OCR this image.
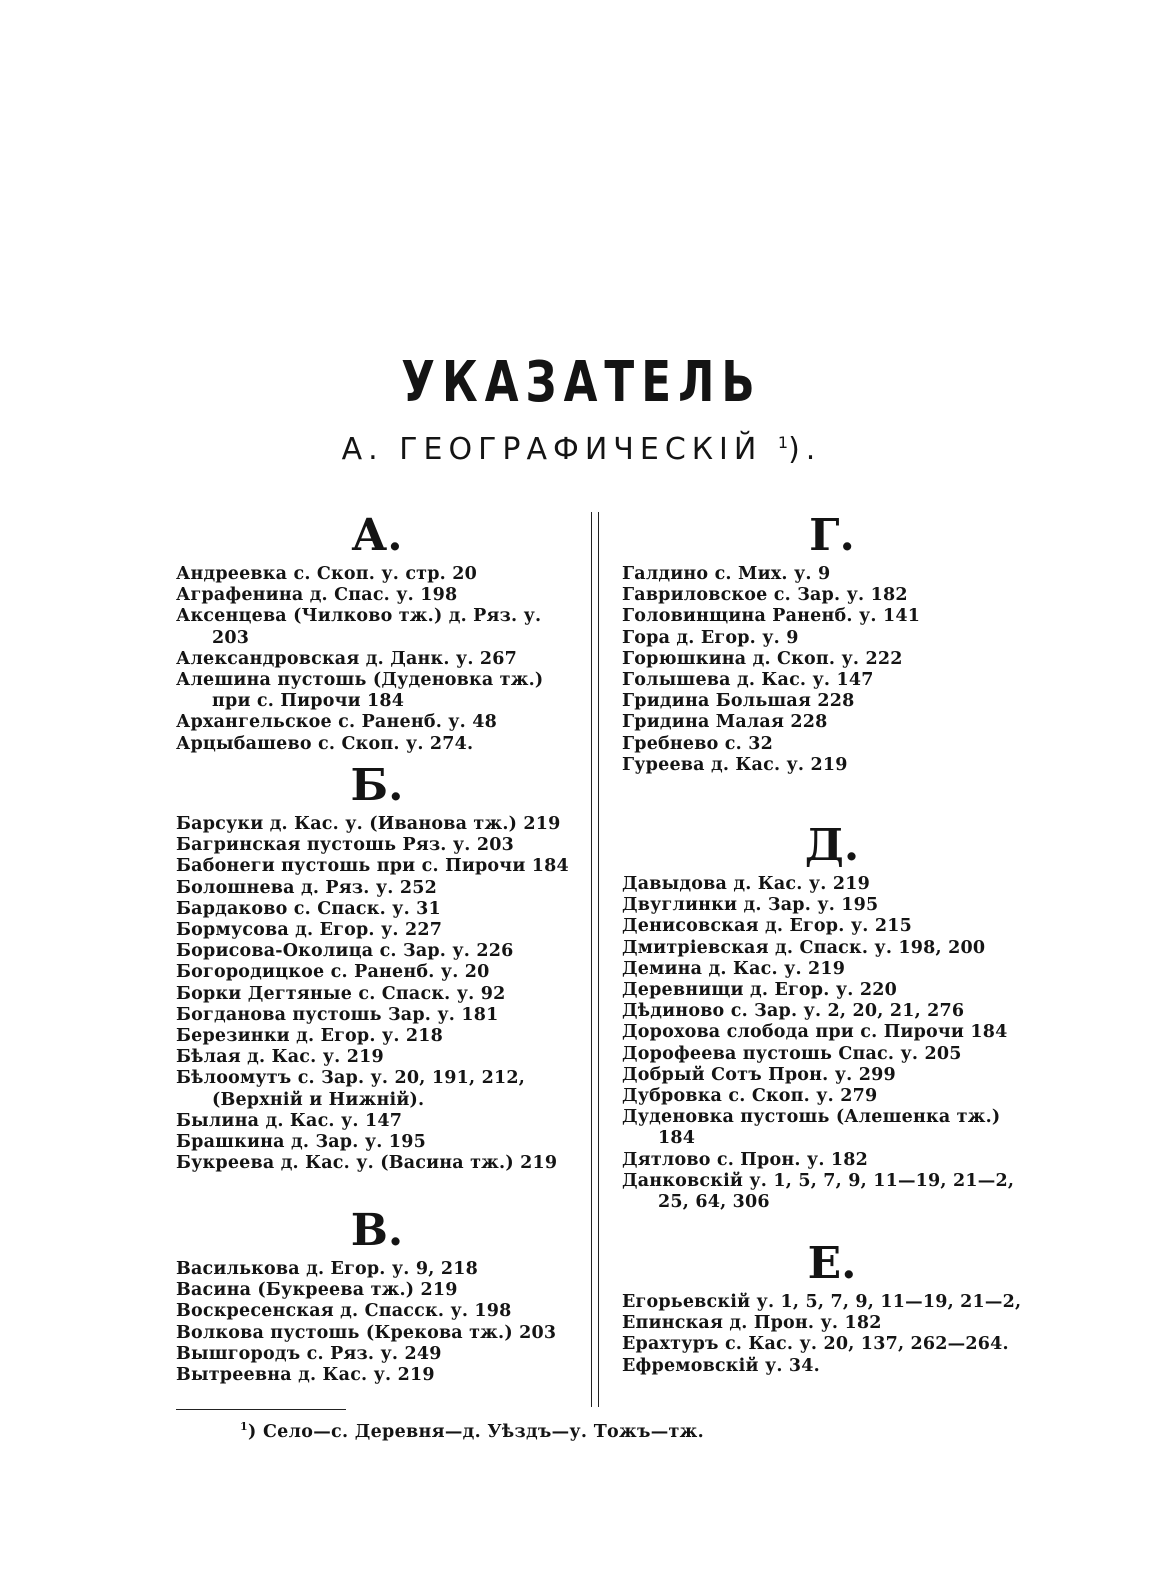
УКАЗАТЕЛЬ
А. ГЕОГРАФИЧЕСКІЙ $^1$).
А.
Андреевка с. Скоп. у. стр. 20
Аграфенина д. Спас. у. 198
Аксенцева (Чилково тж.) д. Ряз. у. 203
Александровская д. Данк. у. 267
Алешина пустошь (Дуденовка тж.) при с. Пирочи 184
Архангельское с. Раненб. у. 48
Арцыбашево с. Скоп. у. 274.
Б.
Барсуки д. Кас. у. (Иванова тж.) 219
Багринская пустошь Ряз. у. 203
Бабонеги пустошь при с. Пирочи 184
Болошнева д. Ряз. у. 252
Бардаково с. Спаск. у. 31
Бормусова д. Егор. у. 227
Борисова-Околица с. Зар. у. 226
Богородицкое с. Раненб. у. 20
Борки Дегтяные с. Спаск. у. 92
Богданова пустошь Зар. у. 181
Березинки д. Егор. у. 218
Бѣлая д. Кас. у. 219
Бѣлоомутъ с. Зар. у. 20, 191, 212, (Верхній и Нижній).
Былина д. Кас. у. 147
Брашкина д. Зар. у. 195
Букреева д. Кас. у. (Васина тж.) 219
В.
Василькова д. Егор. у. 9, 218
Васина (Букреева тж.) 219
Воскресенская д. Спасск. у. 198
Волкова пустошь (Крекова тж.) 203
Вышгородъ с. Ряз. у. 249
Вытреевна д. Кас. у. 219
Г.
Галдино с. Мих. у. 9
Гавриловское с. Зар. у. 182
Головинщина Раненб. у. 141
Гора д. Егор. у. 9
Горюшкина д. Скоп. у. 222
Голышева д. Кас. у. 147
Гридина Большая 228
Гридина Малая 228
Гребнево с. 32
Гуреева д. Кас. у. 219
Д.
Давыдова д. Кас. у. 219
Двуглинки д. Зар. у. 195
Денисовская д. Егор. у. 215
Дмитріевская д. Спаск. у. 198, 200
Демина д. Кас. у. 219
Деревнищи д. Егор. у. 220
Дѣдиново с. Зар. у. 2, 20, 21, 276
Дорохова слобода при с. Пирочи 184
Дорофеева пустошь Спас. у. 205
Добрый Сотъ Прон. у. 299
Дубровка с. Скоп. у. 279
Дуденовка пустошь (Алешенка тж.) 184
Дятлово с. Прон. у. 182
Данковскій у. 1, 5, 7, 9, 11—19, 21—2, 25, 64, 306
Е.
Егорьевскій у. 1, 5, 7, 9, 11—19, 21—2,
Епинская д. Прон. у. 182
Ерахтуръ с. Кас. у. 20, 137, 262—264.
Ефремовскій у. 34.
$^1$) Село—с. Деревня—д. Уѣздъ—у. Тожъ—тж.
